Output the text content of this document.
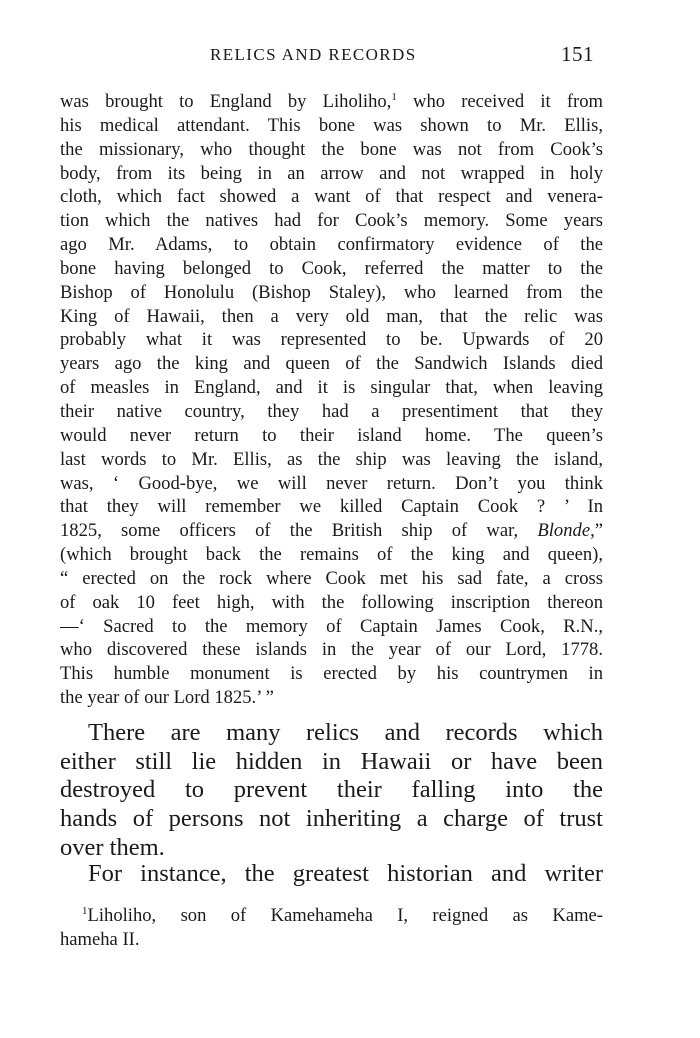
RELICS AND RECORDS	151
was brought to England by Liholiho,$^1$ who received it from
his medical attendant. This bone was shown to Mr. Ellis,
the missionary, who thought the bone was not from Cook’s
body, from its being in an arrow and not wrapped in holy
cloth, which fact showed a want of that respect and venera-
tion which the natives had for Cook’s memory. Some years
ago Mr. Adams, to obtain confirmatory evidence of the
bone having belonged to Cook, referred the matter to the
Bishop of Honolulu (Bishop Staley), who learned from the
King of Hawaii, then a very old man, that the relic was
probably what it was represented to be. Upwards of 20
years ago the king and queen of the Sandwich Islands died
of measles in England, and it is singular that, when leaving
their native country, they had a presentiment that they
would never return to their island home. The queen’s
last words to Mr. Ellis, as the ship was leaving the island,
was, ‘ Good-bye, we will never return. Don’t you think
that they will remember we killed Captain Cook ? ’ In
1825, some officers of the British ship of war, Blonde,”
(which brought back the remains of the king and queen),
“ erected on the rock where Cook met his sad fate, a cross
of oak 10 feet high, with the following inscription thereon
—‘ Sacred to the memory of Captain James Cook, R.N.,
who discovered these islands in the year of our Lord, 1778.
This humble monument is erected by his countrymen in
the year of our Lord 1825.’ ”
There are many relics and records which
either still lie hidden in Hawaii or have been
destroyed to prevent their falling into the
hands of persons not inheriting a charge of trust
over them.
For instance, the greatest historian and writer
$^1$Liholiho, son of Kamehameha I, reigned as Kame-
hameha II.
